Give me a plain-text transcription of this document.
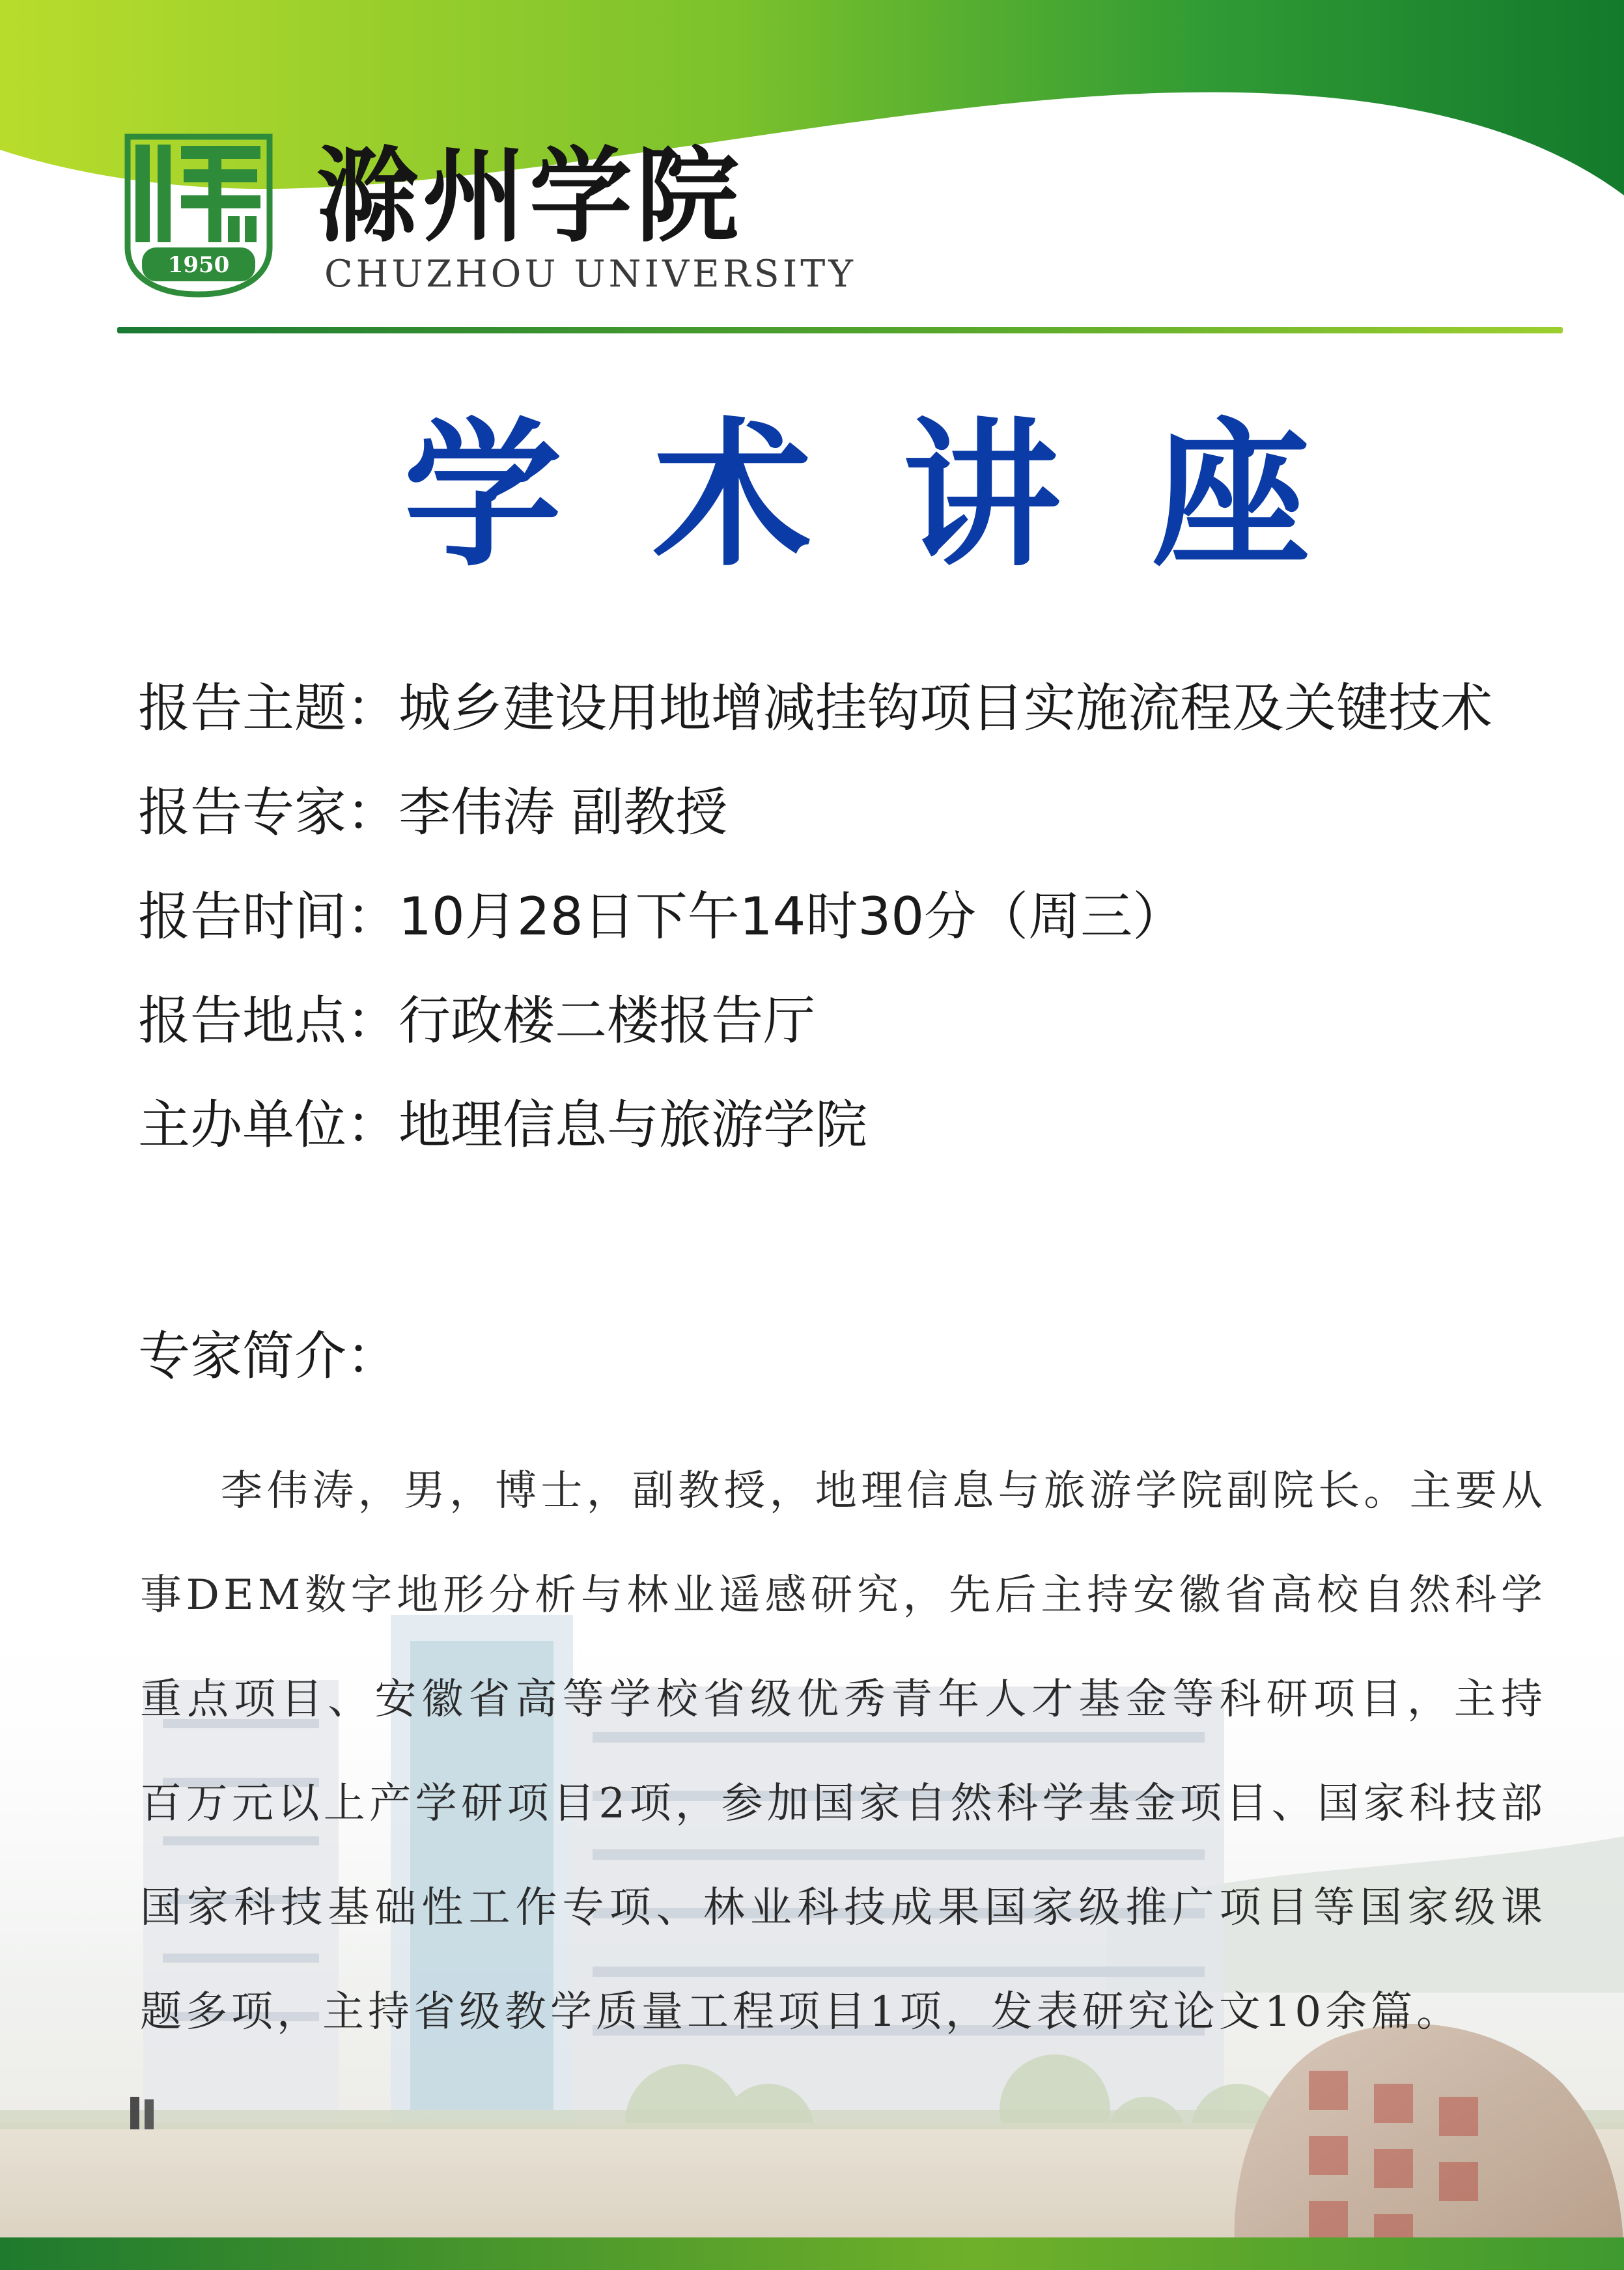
1950
滁州学院
CHUZHOU UNIVERSITY
学术讲座
报告主题：城乡建设用地增减挂钩项目实施流程及关键技术
报告专家：李伟涛 副教授
报告时间：10月28日下午14时30分（周三）
报告地点：行政楼二楼报告厅
主办单位：地理信息与旅游学院
专家简介：
李伟涛，男，博士，副教授，地理信息与旅游学院副院长。主要从事DEM数字地形分析与林业遥感研究，先后主持安徽省高校自然科学重点项目、安徽省高等学校省级优秀青年人才基金等科研项目，主持百万元以上产学研项目2项，参加国家自然科学基金项目、国家科技部国家科技基础性工作专项、林业科技成果国家级推广项目等国家级课题多项，主持省级教学质量工程项目1项，发表研究论文10余篇。
